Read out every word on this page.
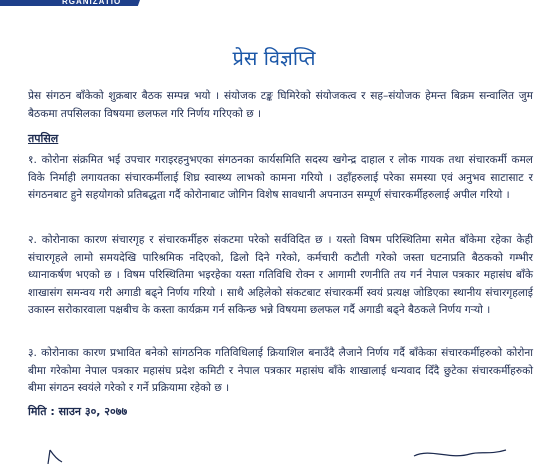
RGANIZATIO
प्रेस विज्ञप्ति
प्रेस संगठन बाँकेको शुक्रबार बैठक सम्पन्न भयो । संयोजक टङ्क घिमिरेको संयोजकत्व र सह–संयोजक हेमन्त बिक्रम सन्वालित जुम बैठकमा तपसिलका विषयमा छलफल गरि निर्णय गरिएको छ ।
तपसिल
१. कोरोना संक्रमित भई उपचार गराइरहनुभएका संगठनका कार्यसमिति सदस्य खगेन्द्र दाहाल र लोक गायक तथा संचारकर्मी कमल विके निर्माही लगायतका संचारकर्मीलाई शिघ्र स्वास्थ्य लाभको कामना गरियो । उहाँहरुलाई परेका समस्या एवं अनुभव साटासाट र संगठनबाट हुने सहयोगको प्रतिबद्धता गर्दै कोरोनाबाट जोगिन विशेष सावधानी अपनाउन सम्पूर्ण संचारकर्मीहरुलाई अपील गरियो ।
२. कोरोनाका कारण संचारगृह र संचारकर्मीहरु संकटमा परेको सर्वविदित छ । यस्तो विषम परिस्थितिमा समेत बाँकेमा रहेका केही संचारगृहले लामो समयदेखि पारिश्रमिक नदिएको, ढिलो दिने गरेको, कर्मचारी कटौती गरेको जस्ता घटनाप्रति बैठकको गम्भीर ध्यानाकर्षण भएको छ । विषम परिस्थितिमा भइरहेका यस्ता गतिविधि रोक्न र आगामी रणनीति तय गर्न नेपाल पत्रकार महासंघ बाँके शाखासंग समन्वय गरी अगाडी बढ्ने निर्णय गरियो । साथै अहिलेको संकटबाट संचारकर्मी स्वयं प्रत्यक्ष जोडिएका स्थानीय संचारगृहलाई उकास्न सरोकारवाला पक्षबीच के कस्ता कार्यक्रम गर्न सकिन्छ भन्ने विषयमा छलफल गर्दै अगाडी बढ्ने बैठकले निर्णय गर्‍यो ।
३. कोरोनाका कारण प्रभावित बनेको सांगठनिक गतिविधिलाई क्रियाशिल बनाउँदै लैजाने निर्णय गर्दै बाँकेका संचारकर्मीहरुको कोरोना बीमा गरेकोमा नेपाल पत्रकार महासंघ प्रदेश कमिटी र नेपाल पत्रकार महासंघ बाँके शाखालाई धन्यवाद दिँदै छुटेका संचारकर्मीहरुको बीमा संगठन स्वयंले गरेको र गर्ने प्रक्रियामा रहेको छ ।
मिति : साउन ३०, २०७७
